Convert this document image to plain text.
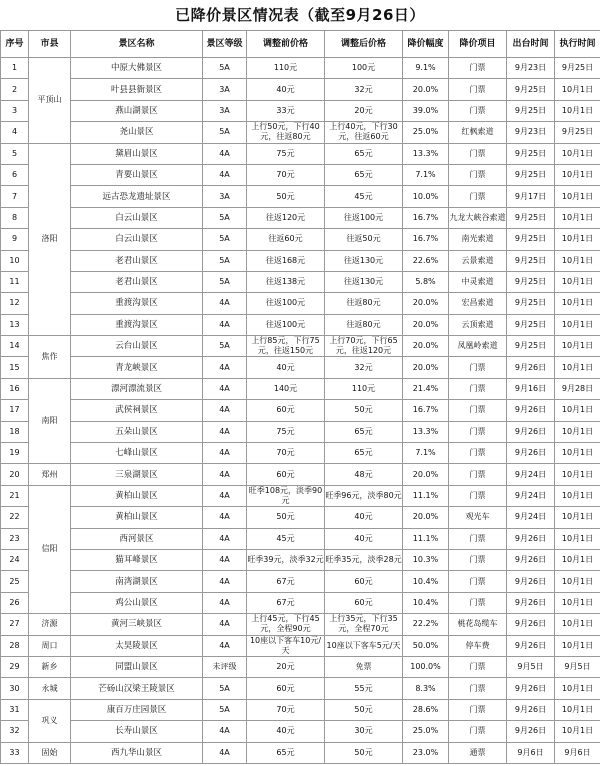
已降价景区情况表（截至9月26日）
序号	市县	景区名称	景区等级	调整前价格	调整后价格	降价幅度	降价项目	出台时间	执行时间
1	平顶山	中原大佛景区	5A	110元	100元	9.1%	门票	9月23日	9月25日
2		叶县县衙景区	3A	40元	32元	20.0%	门票	9月25日	10月1日
3		燕山湖景区	3A	33元	20元	39.0%	门票	9月25日	10月1日
4		尧山景区	5A	上行50元，下行40元，往返80元	上行40元，下行30元，往返60元	25.0%	红枫索道	9月23日	9月25日
5	洛阳	黛眉山景区	4A	75元	65元	13.3%	门票	9月25日	10月1日
6		青要山景区	4A	70元	65元	7.1%	门票	9月25日	10月1日
7		远古恐龙遗址景区	3A	50元	45元	10.0%	门票	9月17日	10月1日
8		白云山景区	5A	往返120元	往返100元	16.7%	九龙大峡谷索道	9月25日	10月1日
9		白云山景区	5A	往返60元	往返50元	16.7%	南光索道	9月25日	10月1日
10		老君山景区	5A	往返168元	往返130元	22.6%	云景索道	9月25日	10月1日
11		老君山景区	5A	往返138元	往返130元	5.8%	中灵索道	9月25日	10月1日
12		重渡沟景区	4A	往返100元	往返80元	20.0%	宏昌索道	9月25日	10月1日
13		重渡沟景区	4A	往返100元	往返80元	20.0%	云顶索道	9月25日	10月1日
14	焦作	云台山景区	5A	上行85元，下行75元，往返150元	上行70元，下行65元，往返120元	20.0%	凤凰岭索道	9月25日	10月1日
15		青龙峡景区	4A	40元	32元	20.0%	门票	9月26日	10月1日
16	南阳	漂河漂流景区	4A	140元	110元	21.4%	门票	9月16日	9月28日
17		武侯祠景区	4A	60元	50元	16.7%	门票	9月26日	10月1日
18		五朵山景区	4A	75元	65元	13.3%	门票	9月26日	10月1日
19		七峰山景区	4A	70元	65元	7.1%	门票	9月26日	10月1日
20	郑州	三泉湖景区	4A	60元	48元	20.0%	门票	9月24日	10月1日
21	信阳	黄柏山景区	4A	旺季108元，淡季90元	旺季96元，淡季80元	11.1%	门票	9月24日	10月1日
22		黄柏山景区	4A	50元	40元	20.0%	观光车	9月24日	10月1日
23		西河景区	4A	45元	40元	11.1%	门票	9月26日	10月1日
24		猫耳峰景区	4A	旺季39元，淡季32元	旺季35元，淡季28元	10.3%	门票	9月26日	10月1日
25		南湾湖景区	4A	67元	60元	10.4%	门票	9月26日	10月1日
26		鸡公山景区	4A	67元	60元	10.4%	门票	9月26日	10月1日
27	济源	黄河三峡景区	4A	上行45元，下行45元，全程90元	上行35元，下行35元，全程70元	22.2%	桃花岛缆车	9月26日	10月1日
28	周口	太昊陵景区	4A	10座以下客车10元/天	10座以下客车5元/天	50.0%	停车费	9月26日	10月1日
29	新乡	同盟山景区	未评级	20元	免票	100.0%	门票	9月5日	9月5日
30	永城	芒砀山汉梁王陵景区	5A	60元	55元	8.3%	门票	9月26日	10月1日
31	巩义	康百万庄园景区	5A	70元	50元	28.6%	门票	9月26日	10月1日
32		长寿山景区	4A	40元	30元	25.0%	门票	9月26日	10月1日
33	固始	西九华山景区	4A	65元	50元	23.0%	通票	9月6日	9月6日
